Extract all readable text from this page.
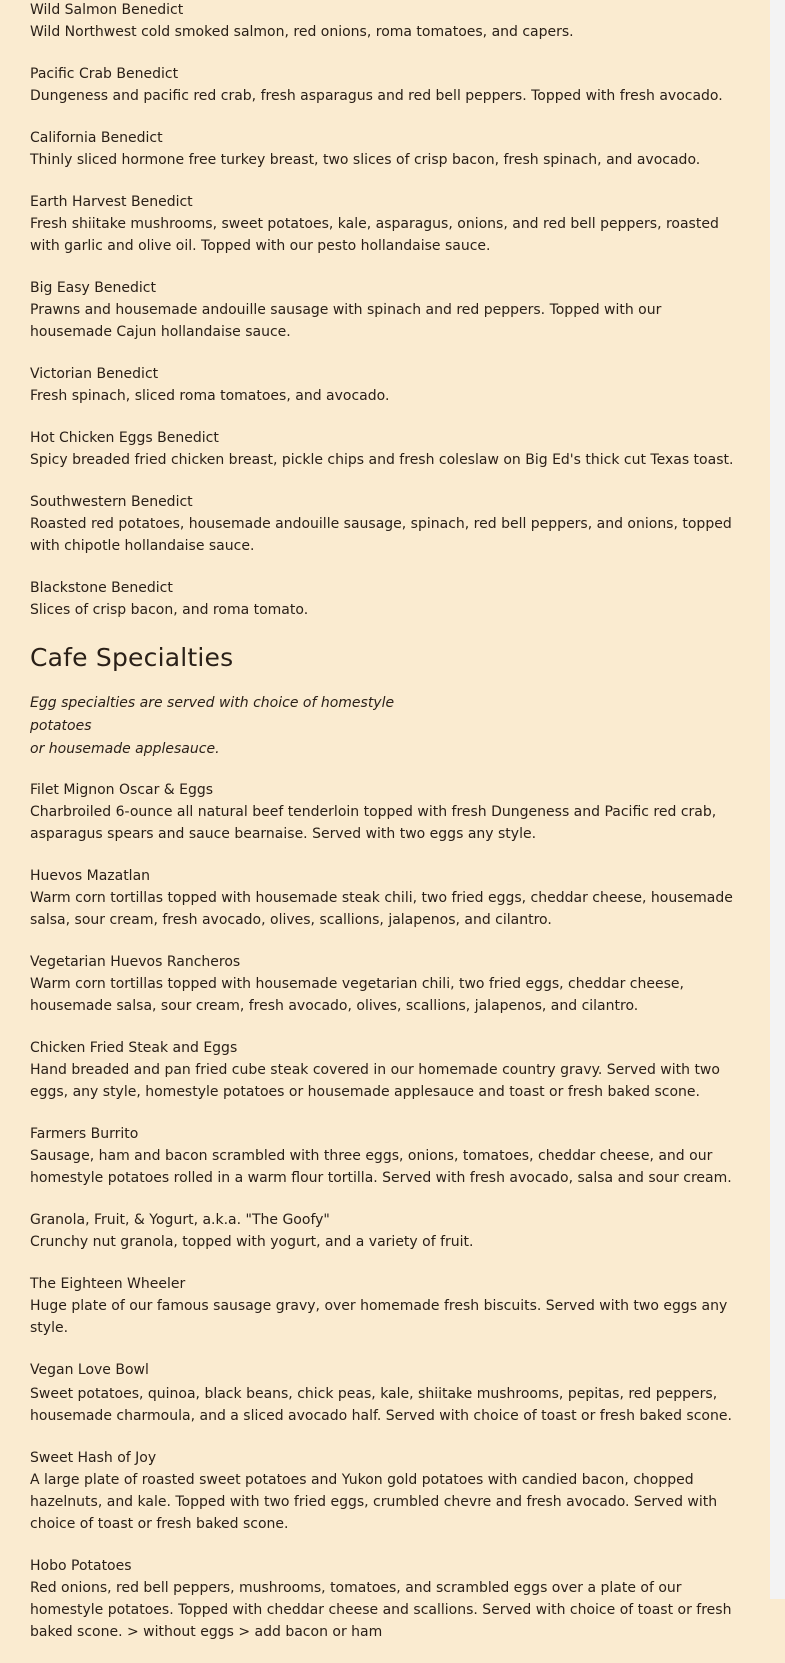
Wild Salmon Benedict

Wild Northwest cold smoked salmon, red onions, roma tomatoes, and capers.

Pacific Crab Benedict

Dungeness and pacific red crab, fresh asparagus and red bell peppers. Topped with fresh avocado.

California Benedict

Thinly sliced hormone free turkey breast, two slices of crisp bacon, fresh spinach, and avocado.

Earth Harvest Benedict

Fresh shiitake mushrooms, sweet potatoes, kale, asparagus, onions, and red bell peppers, roasted with garlic and olive oil. Topped with our pesto hollandaise sauce.

Big Easy Benedict

Prawns and housemade andouille sausage with spinach and red peppers. Topped with our housemade Cajun hollandaise sauce.

Victorian Benedict

Fresh spinach, sliced roma tomatoes, and avocado.

Hot Chicken Eggs Benedict

Spicy breaded fried chicken breast, pickle chips and fresh coleslaw on Big Ed's thick cut Texas toast.

Southwestern Benedict

Roasted red potatoes, housemade andouille sausage, spinach, red bell peppers, and onions, topped with chipotle hollandaise sauce.

Blackstone Benedict

Slices of crisp bacon, and roma tomato.

Cafe Specialties

Egg specialties are served with choice of homestyle potatoes
or housemade applesauce.

Filet Mignon Oscar & Eggs

Charbroiled 6-ounce all natural beef tenderloin topped with fresh Dungeness and Pacific red crab, asparagus spears and sauce bearnaise. Served with two eggs any style.

Huevos Mazatlan

Warm corn tortillas topped with housemade steak chili, two fried eggs, cheddar cheese, housemade salsa, sour cream, fresh avocado, olives, scallions, jalapenos, and cilantro.

Vegetarian Huevos Rancheros

Warm corn tortillas topped with housemade vegetarian chili, two fried eggs, cheddar cheese, housemade salsa, sour cream, fresh avocado, olives, scallions, jalapenos, and cilantro.

Chicken Fried Steak and Eggs

Hand breaded and pan fried cube steak covered in our homemade country gravy. Served with two eggs, any style, homestyle potatoes or housemade applesauce and toast or fresh baked scone.

Farmers Burrito

Sausage, ham and bacon scrambled with three eggs, onions, tomatoes, cheddar cheese, and our homestyle potatoes rolled in a warm flour tortilla. Served with fresh avocado, salsa and sour cream.

Granola, Fruit, & Yogurt, a.k.a. "The Goofy"

Crunchy nut granola, topped with yogurt, and a variety of fruit.

The Eighteen Wheeler

Huge plate of our famous sausage gravy, over homemade fresh biscuits. Served with two eggs any style.

Vegan Love Bowl

Sweet potatoes, quinoa, black beans, chick peas, kale, shiitake mushrooms, pepitas, red peppers, housemade charmoula, and a sliced avocado half. Served with choice of toast or fresh baked scone.

Sweet Hash of Joy

A large plate of roasted sweet potatoes and Yukon gold potatoes with candied bacon, chopped hazelnuts, and kale. Topped with two fried eggs, crumbled chevre and fresh avocado. Served with choice of toast or fresh baked scone.

Hobo Potatoes

Red onions, red bell peppers, mushrooms, tomatoes, and scrambled eggs over a plate of our homestyle potatoes. Topped with cheddar cheese and scallions. Served with choice of toast or fresh baked scone. > without eggs > add bacon or ham
